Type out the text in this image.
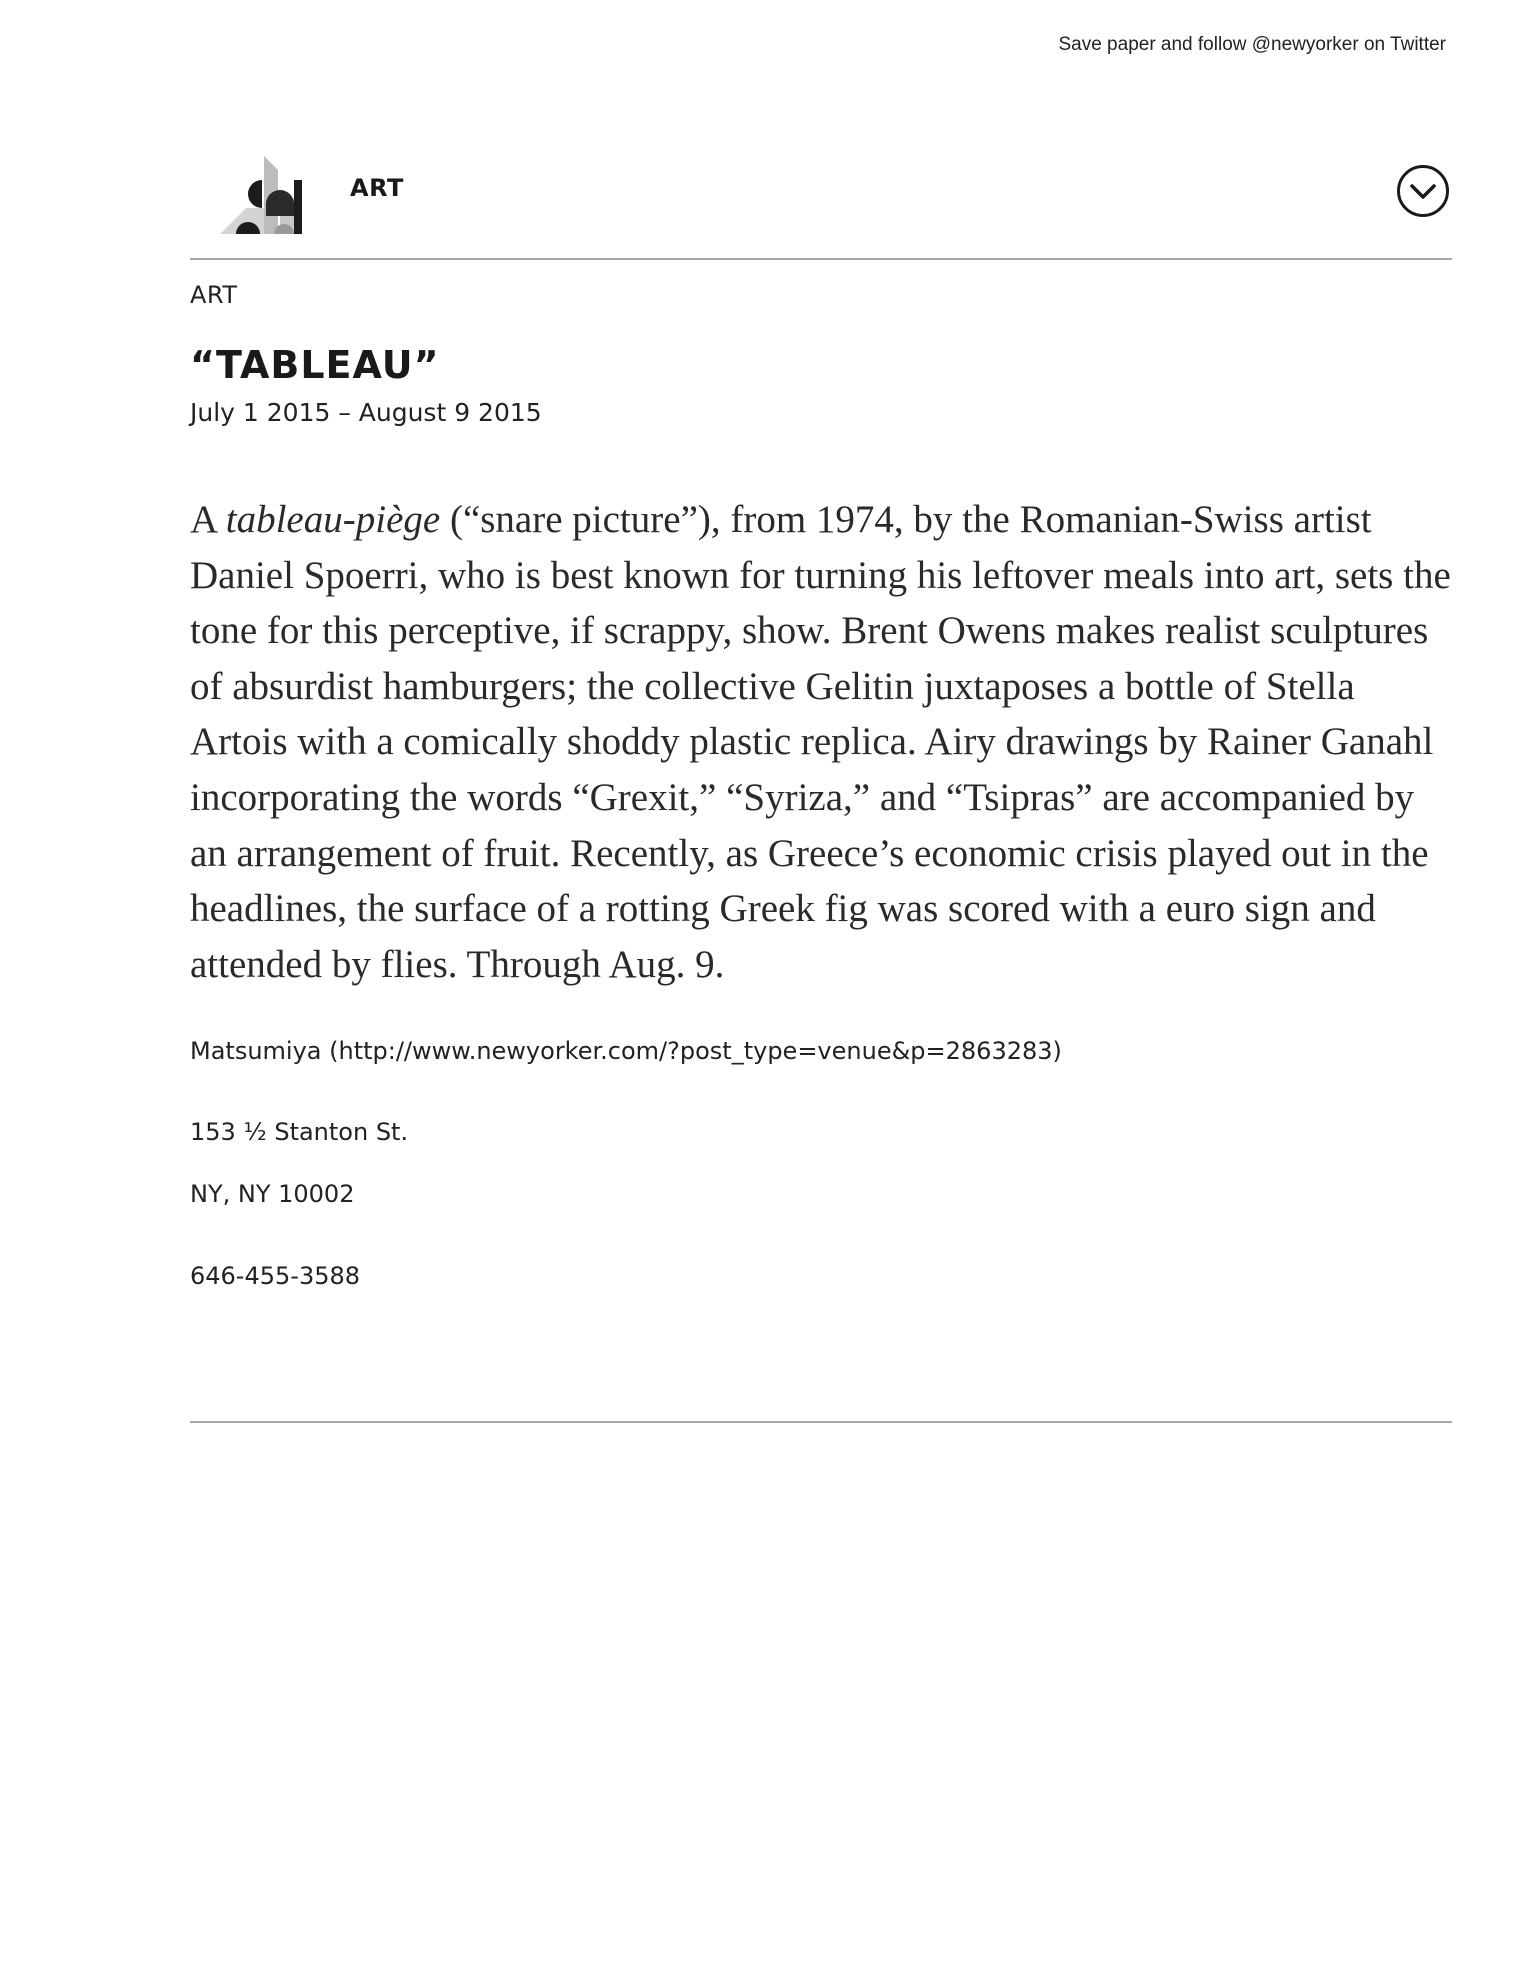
Save paper and follow @newyorker on Twitter
ART
ART
“TABLEAU”
July 1 2015 – August 9 2015

A tableau-piège (“snare picture”), from 1974, by the Romanian-Swiss artist Daniel Spoerri, who is best known for turning his leftover meals into art, sets the tone for this perceptive, if scrappy, show. Brent Owens makes realist sculptures of absurdist hamburgers; the collective Gelitin juxtaposes a bottle of Stella Artois with a comically shoddy plastic replica. Airy drawings by Rainer Ganahl incorporating the words “Grexit,” “Syriza,” and “Tsipras” are accompanied by an arrangement of fruit. Recently, as Greece’s economic crisis played out in the headlines, the surface of a rotting Greek fig was scored with a euro sign and attended by flies. Through Aug. 9.

Matsumiya (http://www.newyorker.com/?post_type=venue&p=2863283)
153 ½ Stanton St.
NY, NY 10002
646-455-3588
